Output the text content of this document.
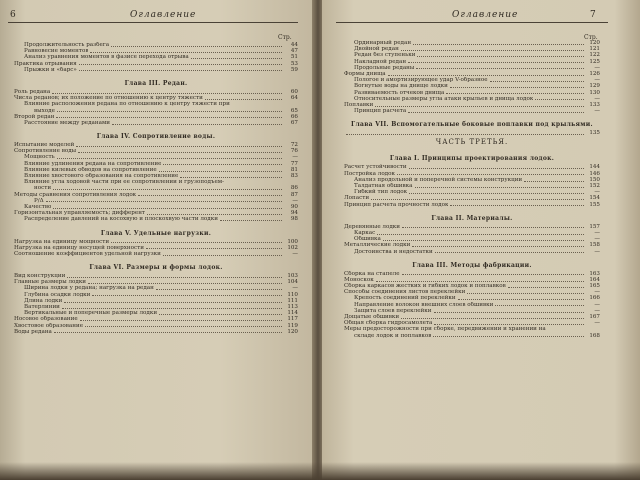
6	Оглавление
Стр.
Продолжительность разбега	44
Равновесие моментов	47
Анализ уравнения моментов в фазисе перехода отрыва	51
Практика отрывания	53
Прыжки и «барс»	59
Глава III. Редан.
Роль редана	60
Числа реданов; их положение по отношению к центру тяжести	64
Влияние расположения редана по отношению к центру тяжести при
выходе	65
Второй редан	66
Расстояние между реданами	67
Глава IV. Сопротивление воды.
Испытание моделей	72
Сопротивление воды	76
Мощность	—
Влияние удлинения редана на сопротивление	77
Влияние килевых обводов на сопротивление	81
Влияние хвостового образования на сопротивление	83
Влияние угла ходовой части при ее сопротивлении и грузоподъем-
ности	86
Методы сравнения сопротивления лодок	87
Р/Δ	—
Качество	90
Горизонтальная управляемость; дифферент	94
Распределение давлений на косохвую и плоскохвую части лодки	98
Глава V. Удельные нагрузки.
Нагрузка на единицу мощности	100
Нагрузка на единицу несущей поверхности	102
Соотношение коэффициентов удельной нагрузки	—
Глава VI. Размеры и формы лодок.
Вид конструкции	103
Главные размеры лодки	104
Ширина лодки у редана; нагрузка на редан	—
Глубина осадки лодки	110
Длина лодки	111
Ватерлинии	113
Вертикальные и поперечные размеры лодки	114
Носовое образование	117
Хвостовое образование	119
Воды редана	120
Оглавление	7
Стр.
Ординарный редан	120
Двойной редан	121
Редан без ступеньки	122
Накладной редан	125
Продольные реданы	—
Формы днища	126
Пологое и амортизирующее удар V-образное	—
Вогнутые воды на днище лодки	129
Развиваемость отчеков днища	130
Относительные размеры угла атаки крыльев и днища лодок	—
Поплавки	133
Принцип расчета	—
Глава VII. Вспомогательные боковые поплавки под крыльями.
135
ЧАСТЬ ТРЕТЬЯ.
Глава I. Принципы проектирования лодок.
Расчет устойчивости	144
Постройка лодок	146
Анализ продольной и поперечной системы конструкции	150
Талдатная обшивка	152
Гибкий тип лодок	—
Лопасти	154
Принцип расчета прочности лодок	155
Глава II. Материалы.
Деревянные лодки	157
Каркас	—
Обшивка	—
Металлические лодки	158
Достоинства и недостатки	—
Глава III. Методы фабрикации.
Сборка на стапеле	163
Моноскок	164
Сборка каркасов жестких и гибких лодок и поплавков	165
Способы соединения листов переклейки	—
Крепость соединений переклейки	166
Направление волокон внешних слоев обшивки	—
Защита слоев переклейки	—
Дощатые обшивки	167
Общая сборка гидросамолета	—
Меры предосторожности при сборке, передвижении и хранении на
складе лодок и поплавков	168
